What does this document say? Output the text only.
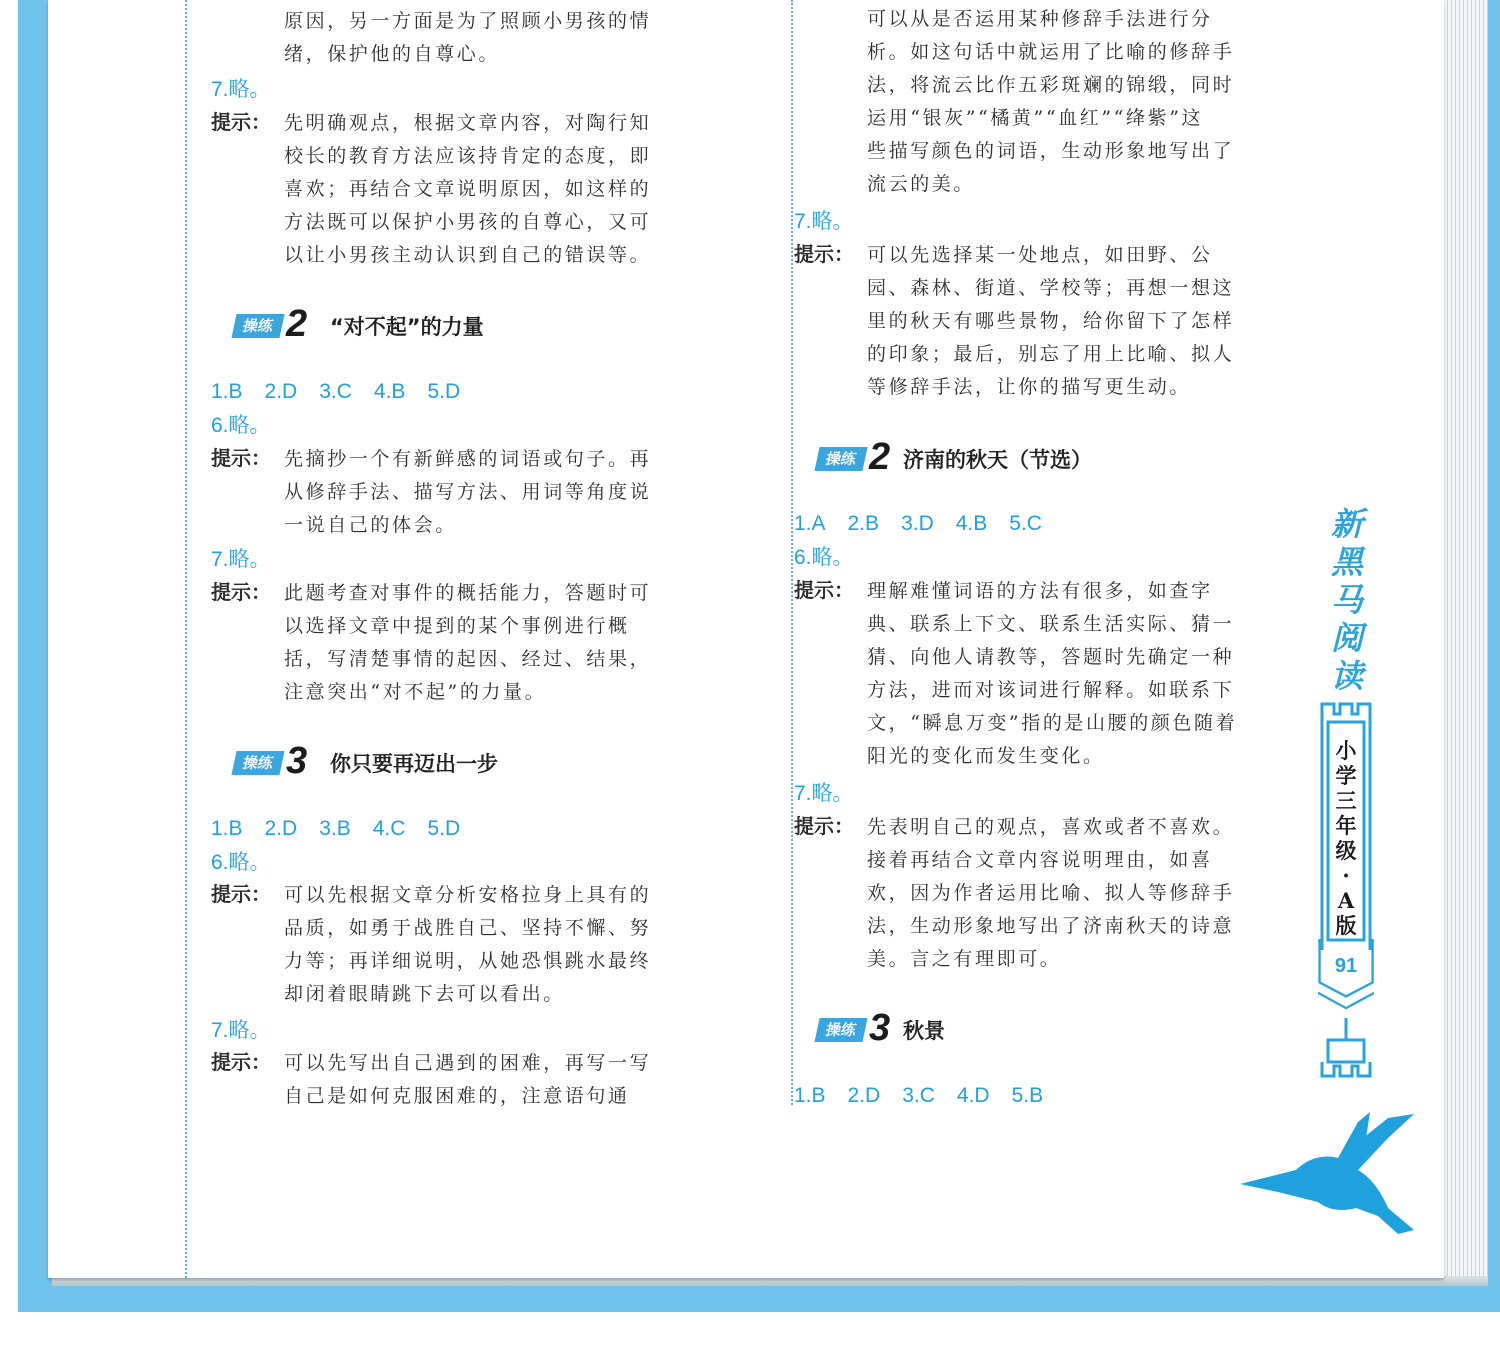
原因，另一方面是为了照顾小男孩的情
绪，保护他的自尊心。
7.略。
提示： 先明确观点，根据文章内容，对陶行知
校长的教育方法应该持肯定的态度，即
喜欢；再结合文章说明原因，如这样的
方法既可以保护小男孩的自尊心，又可
以让小男孩主动认识到自己的错误等。
操练 2 “对不起”的力量
1.B 2.D 3.C 4.B 5.D
6.略。
提示： 先摘抄一个有新鲜感的词语或句子。再
从修辞手法、描写方法、用词等角度说
一说自己的体会。
7.略。
提示： 此题考查对事件的概括能力，答题时可
以选择文章中提到的某个事例进行概
括，写清楚事情的起因、经过、结果，
注意突出“对不起”的力量。
操练 3 你只要再迈出一步
1.B 2.D 3.B 4.C 5.D
6.略。
提示： 可以先根据文章分析安格拉身上具有的
品质，如勇于战胜自己、坚持不懈、努
力等；再详细说明，从她恐惧跳水最终
却闭着眼睛跳下去可以看出。
7.略。
提示： 可以先写出自己遇到的困难，再写一写
自己是如何克服困难的，注意语句通
可以从是否运用某种修辞手法进行分
析。如这句话中就运用了比喻的修辞手
法，将流云比作五彩斑斓的锦缎，同时
运用“银灰”“橘黄”“血红”“绛紫”这
些描写颜色的词语，生动形象地写出了
流云的美。
7.略。
提示： 可以先选择某一处地点，如田野、公
园、森林、街道、学校等；再想一想这
里的秋天有哪些景物，给你留下了怎样
的印象；最后，别忘了用上比喻、拟人
等修辞手法，让你的描写更生动。
操练 2 济南的秋天（节选）
1.A 2.B 3.D 4.B 5.C
6.略。
提示： 理解难懂词语的方法有很多，如查字
典、联系上下文、联系生活实际、猜一
猜、向他人请教等，答题时先确定一种
方法，进而对该词进行解释。如联系下
文，“瞬息万变”指的是山腰的颜色随着
阳光的变化而发生变化。
7.略。
提示： 先表明自己的观点，喜欢或者不喜欢。
接着再结合文章内容说明理由，如喜
欢，因为作者运用比喻、拟人等修辞手
法，生动形象地写出了济南秋天的诗意
美。言之有理即可。
操练 3 秋景
1.B 2.D 3.C 4.D 5.B
新
黑
马
阅
读
小
学
三
年
级
·
A
版
91
